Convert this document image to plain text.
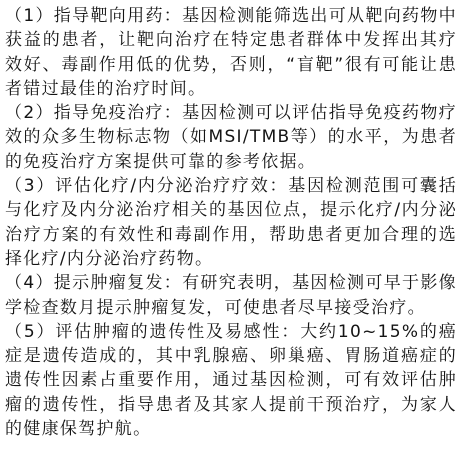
（1）指导靶向用药：基因检测能筛选出可从靶向药物中获益的患者，让靶向治疗在特定患者群体中发挥出其疗效好、毒副作用低的优势，否则，“盲靶”很有可能让患者错过最佳的治疗时间。

（2）指导免疫治疗：基因检测可以评估指导免疫药物疗效的众多生物标志物（如MSI/TMB等）的水平，为患者的免疫治疗方案提供可靠的参考依据。

（3）评估化疗/内分泌治疗疗效：基因检测范围可囊括与化疗及内分泌治疗相关的基因位点，提示化疗/内分泌治疗方案的有效性和毒副作用，帮助患者更加合理的选择化疗/内分泌治疗药物。

（4）提示肿瘤复发：有研究表明，基因检测可早于影像学检查数月提示肿瘤复发，可使患者尽早接受治疗。

（5）评估肿瘤的遗传性及易感性：大约10~15%的癌症是遗传造成的，其中乳腺癌、卵巢癌、胃肠道癌症的遗传性因素占重要作用，通过基因检测，可有效评估肿瘤的遗传性，指导患者及其家人提前干预治疗，为家人的健康保驾护航。
